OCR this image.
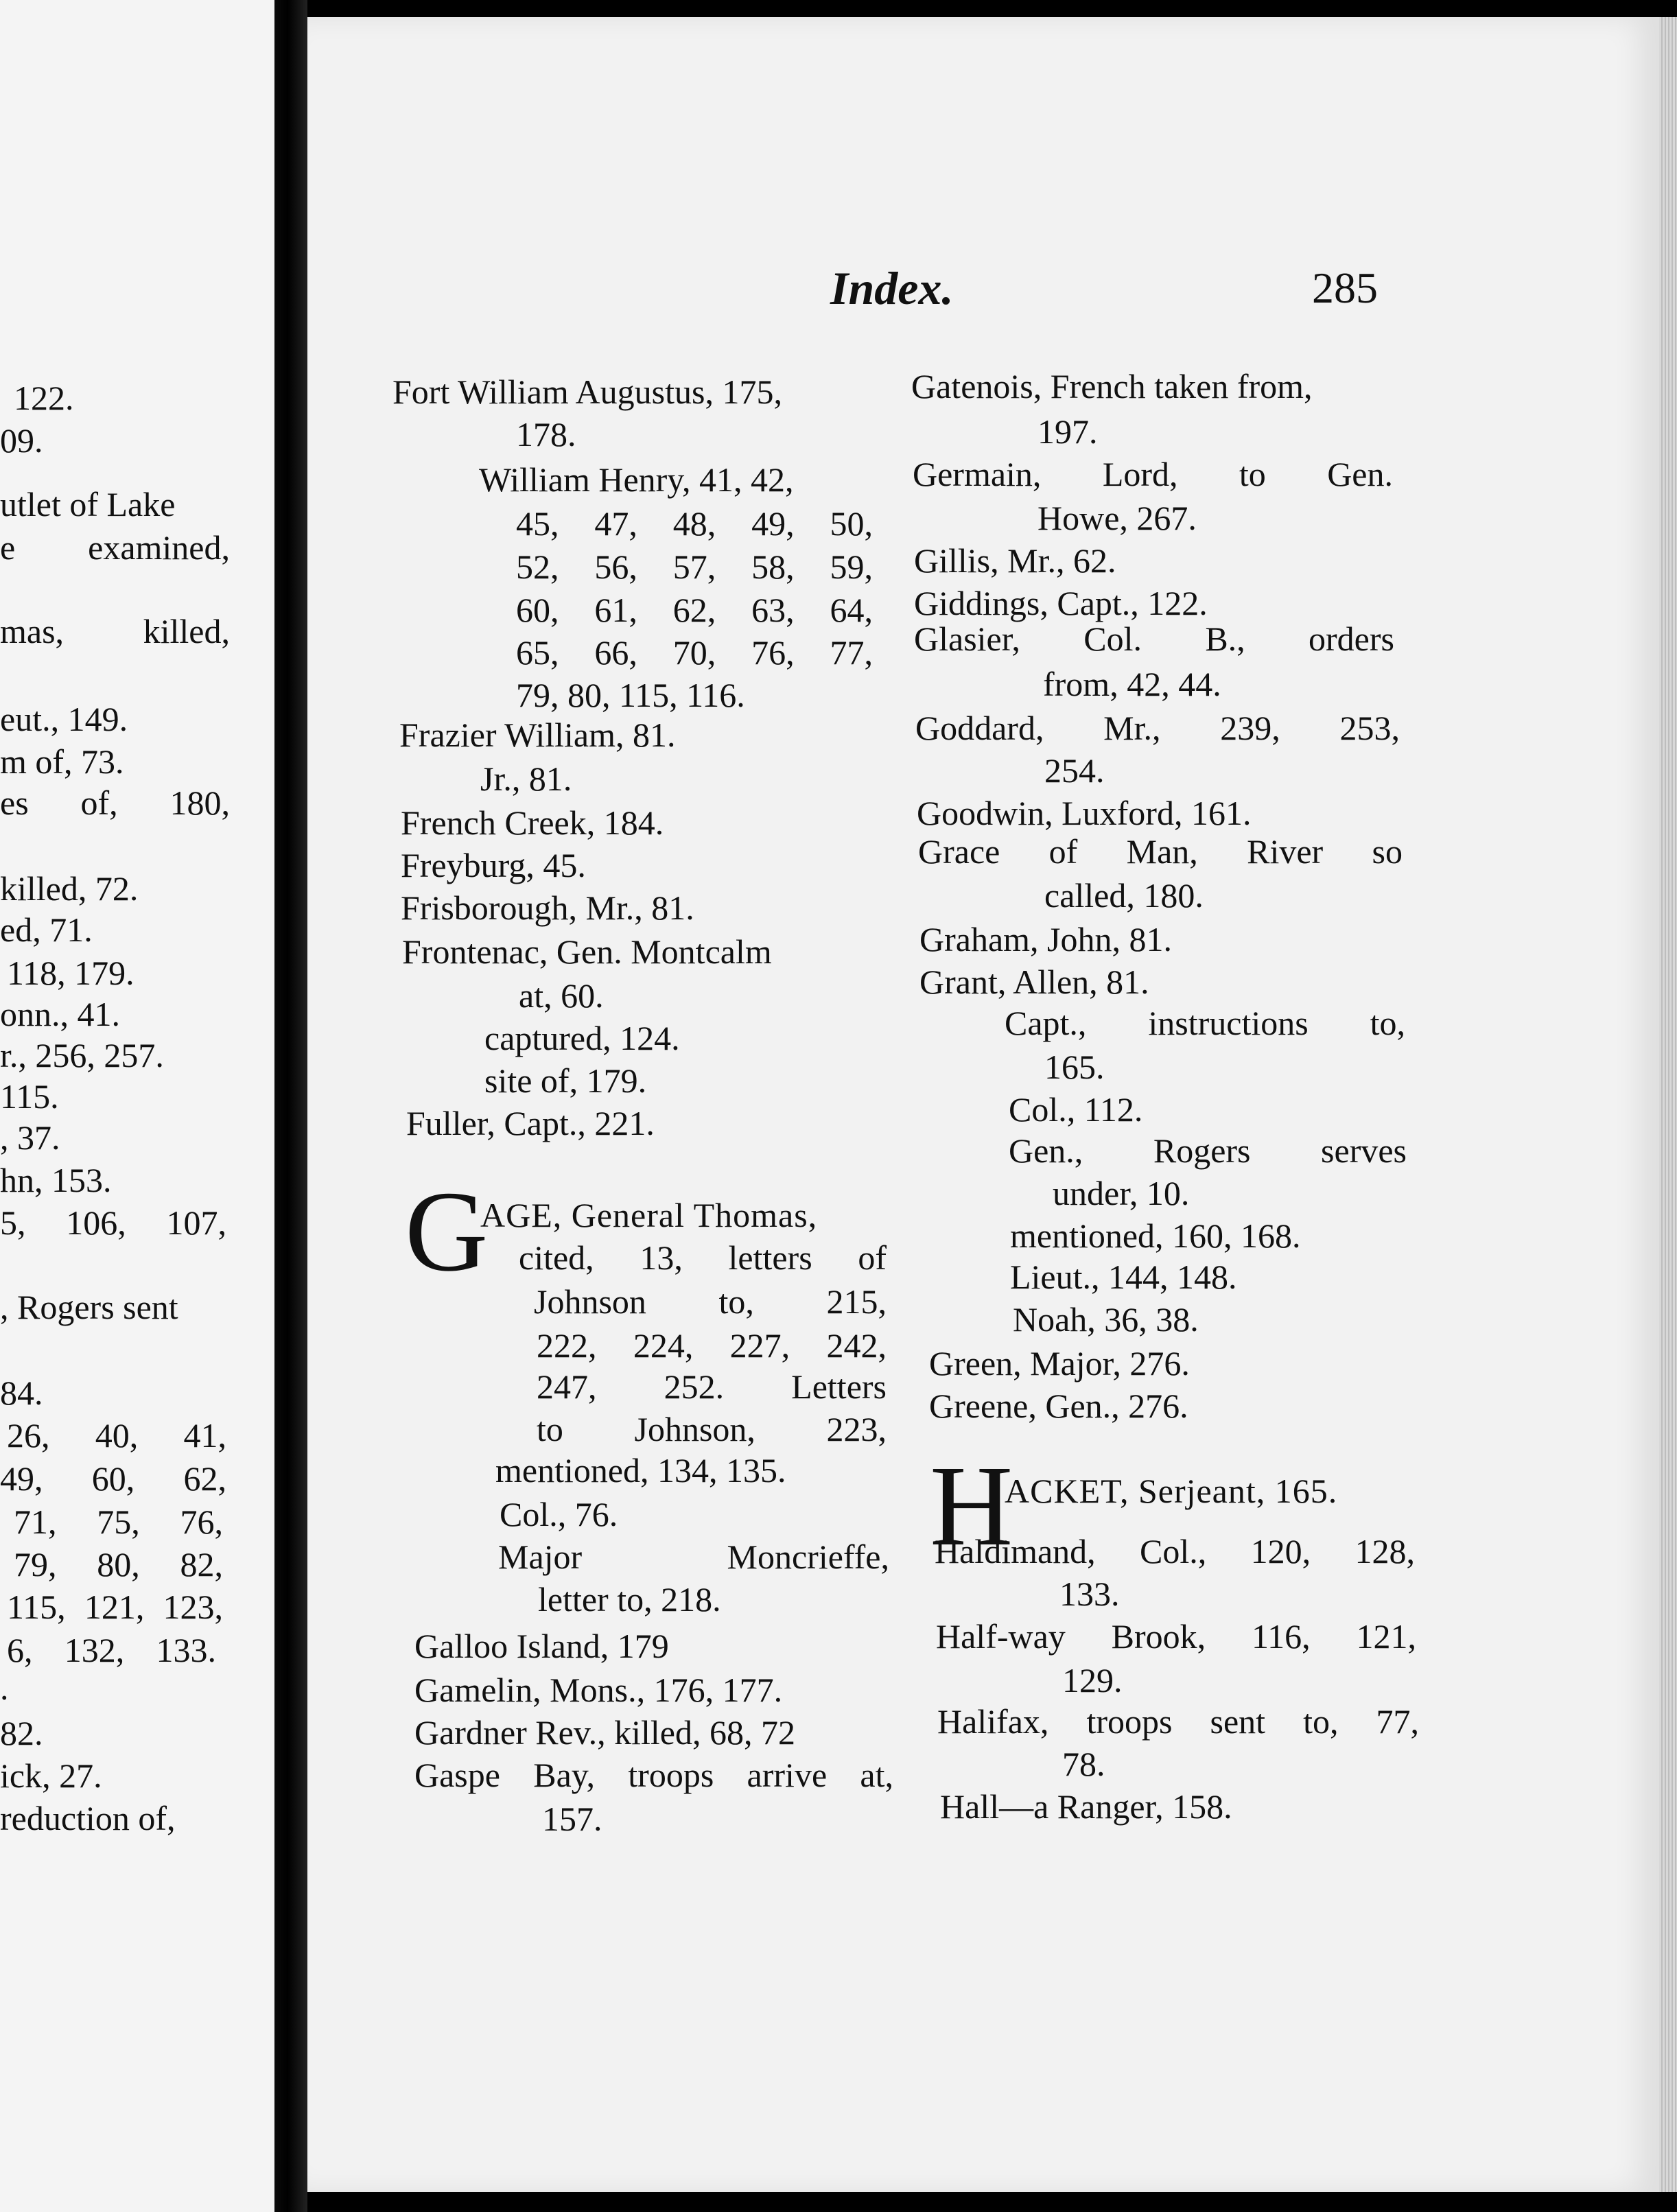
122.
09.
utlet of Lake
e examined,
mas, killed,
eut., 149.
m of, 73.
es of, 180,
killed, 72.
ed, 71.
118, 179.
onn., 41.
r., 256, 257.
115.
, 37.
hn, 153.
5, 106, 107,
, Rogers sent
84.
26, 40, 41,
49, 60, 62,
71, 75, 76,
79, 80, 82,
115, 121, 123,
6, 132, 133.
.
82.
ick, 27.
reduction of,
Index.	285
Fort William Augustus, 175,
178.
William Henry, 41, 42,
45, 47, 48, 49, 50,
52, 56, 57, 58, 59,
60, 61, 62, 63, 64,
65, 66, 70, 76, 77,
79, 80, 115, 116.
Frazier William, 81.
Jr., 81.
French Creek, 184.
Freyburg, 45.
Frisborough, Mr., 81.
Frontenac, Gen. Montcalm
at, 60.
captured, 124.
site of, 179.
Fuller, Capt., 221.
G
AGE, General Thomas,
cited, 13, letters of
Johnson to, 215,
222, 224, 227, 242,
247, 252. Letters
to Johnson, 223,
mentioned, 134, 135.
Col., 76.
Major Moncrieffe,
letter to, 218.
Galloo Island, 179
Gamelin, Mons., 176, 177.
Gardner Rev., killed, 68, 72
Gaspe Bay, troops arrive at,
157.
Gatenois, French taken from,
197.
Germain, Lord, to Gen.
Howe, 267.
Gillis, Mr., 62.
Giddings, Capt., 122.
Glasier, Col. B., orders
from, 42, 44.
Goddard, Mr., 239, 253,
254.
Goodwin, Luxford, 161.
Grace of Man, River so
called, 180.
Graham, John, 81.
Grant, Allen, 81.
Capt., instructions to,
165.
Col., 112.
Gen., Rogers serves
under, 10.
mentioned, 160, 168.
Lieut., 144, 148.
Noah, 36, 38.
Green, Major, 276.
Greene, Gen., 276.
H
ACKET, Serjeant, 165.
Haldimand, Col., 120, 128,
133.
Half-way Brook, 116, 121,
129.
Halifax, troops sent to, 77,
78.
Hall—a Ranger, 158.
